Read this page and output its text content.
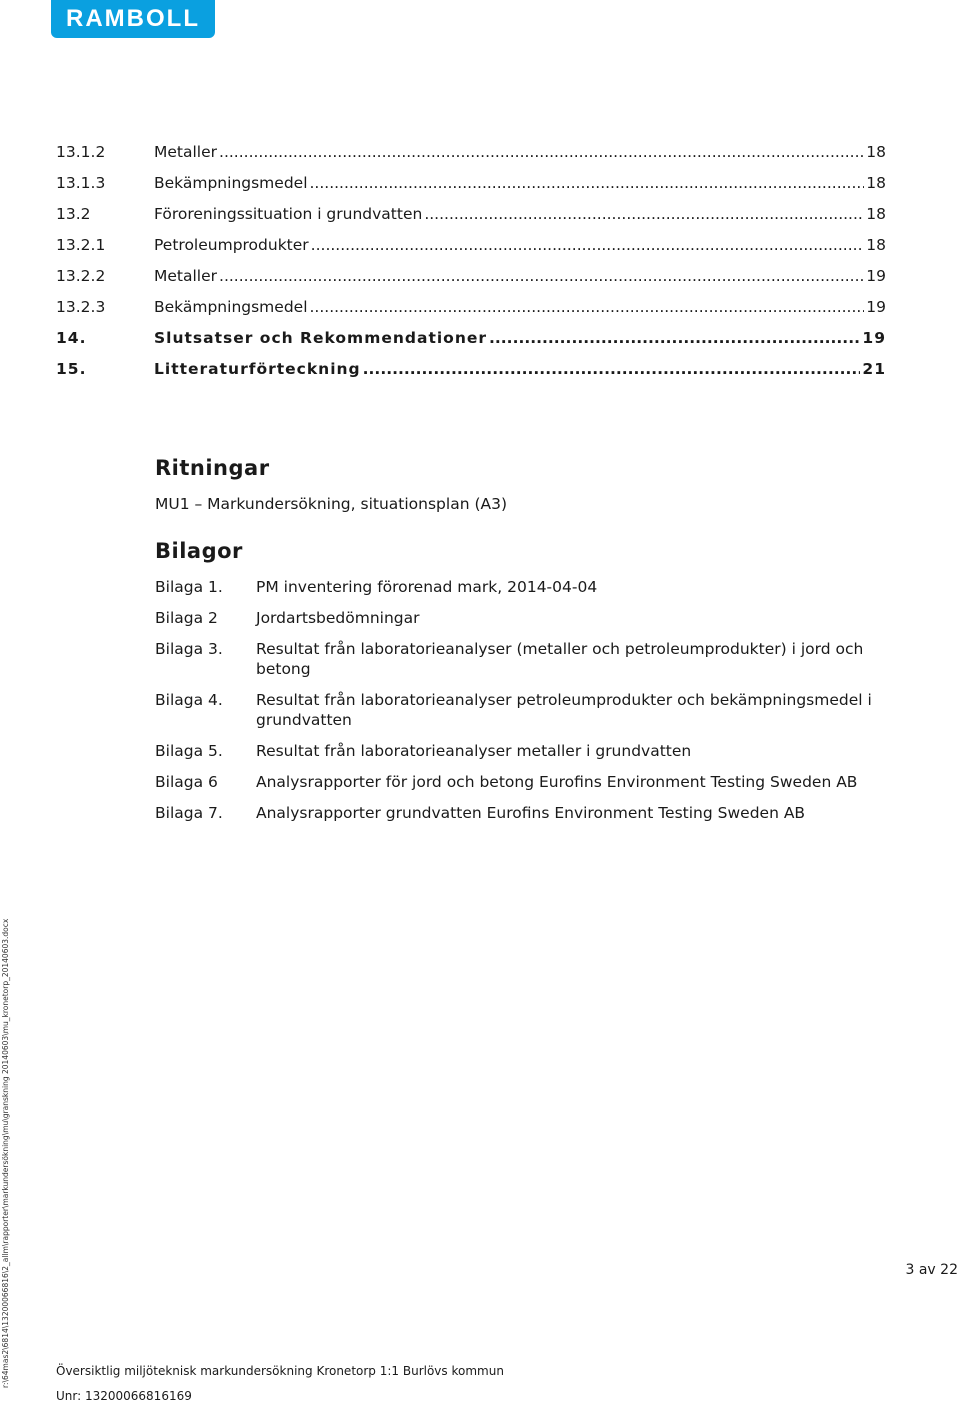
RAMBOLL
13.1.2	Metaller .....	18
13.1.3	Bekämpningsmedel .....	18
13.2	Föroreningssituation i grundvatten .....	18
13.2.1	Petroleumprodukter .....	18
13.2.2	Metaller .....	19
13.2.3	Bekämpningsmedel .....	19
14.	Slutsatser och Rekommendationer .....	19
15.	Litteraturförteckning .....	21
Ritningar
MU1 – Markundersökning, situationsplan (A3)
Bilagor
Bilaga 1.	PM inventering förorenad mark, 2014-04-04
Bilaga 2	Jordartsbedömningar
Bilaga 3.	Resultat från laboratorieanalyser (metaller och petroleumprodukter) i jord och betong
Bilaga 4.	Resultat från laboratorieanalyser petroleumprodukter och bekämpningsmedel i grundvatten
Bilaga 5.	Resultat från laboratorieanalyser metaller i grundvatten
Bilaga 6	Analysrapporter för jord och betong Eurofins Environment Testing Sweden AB
Bilaga 7.	Analysrapporter grundvatten Eurofins Environment Testing Sweden AB
3 av 22
Översiktlig miljöteknisk markundersökning Kronetorp 1:1 Burlövs kommun
Unr: 13200066816169
r:\64mas2\6814\13200066816\2_allm\rapporter\markundersökning\mu\granskning 20140603\mu_kronetorp_20140603.docx
